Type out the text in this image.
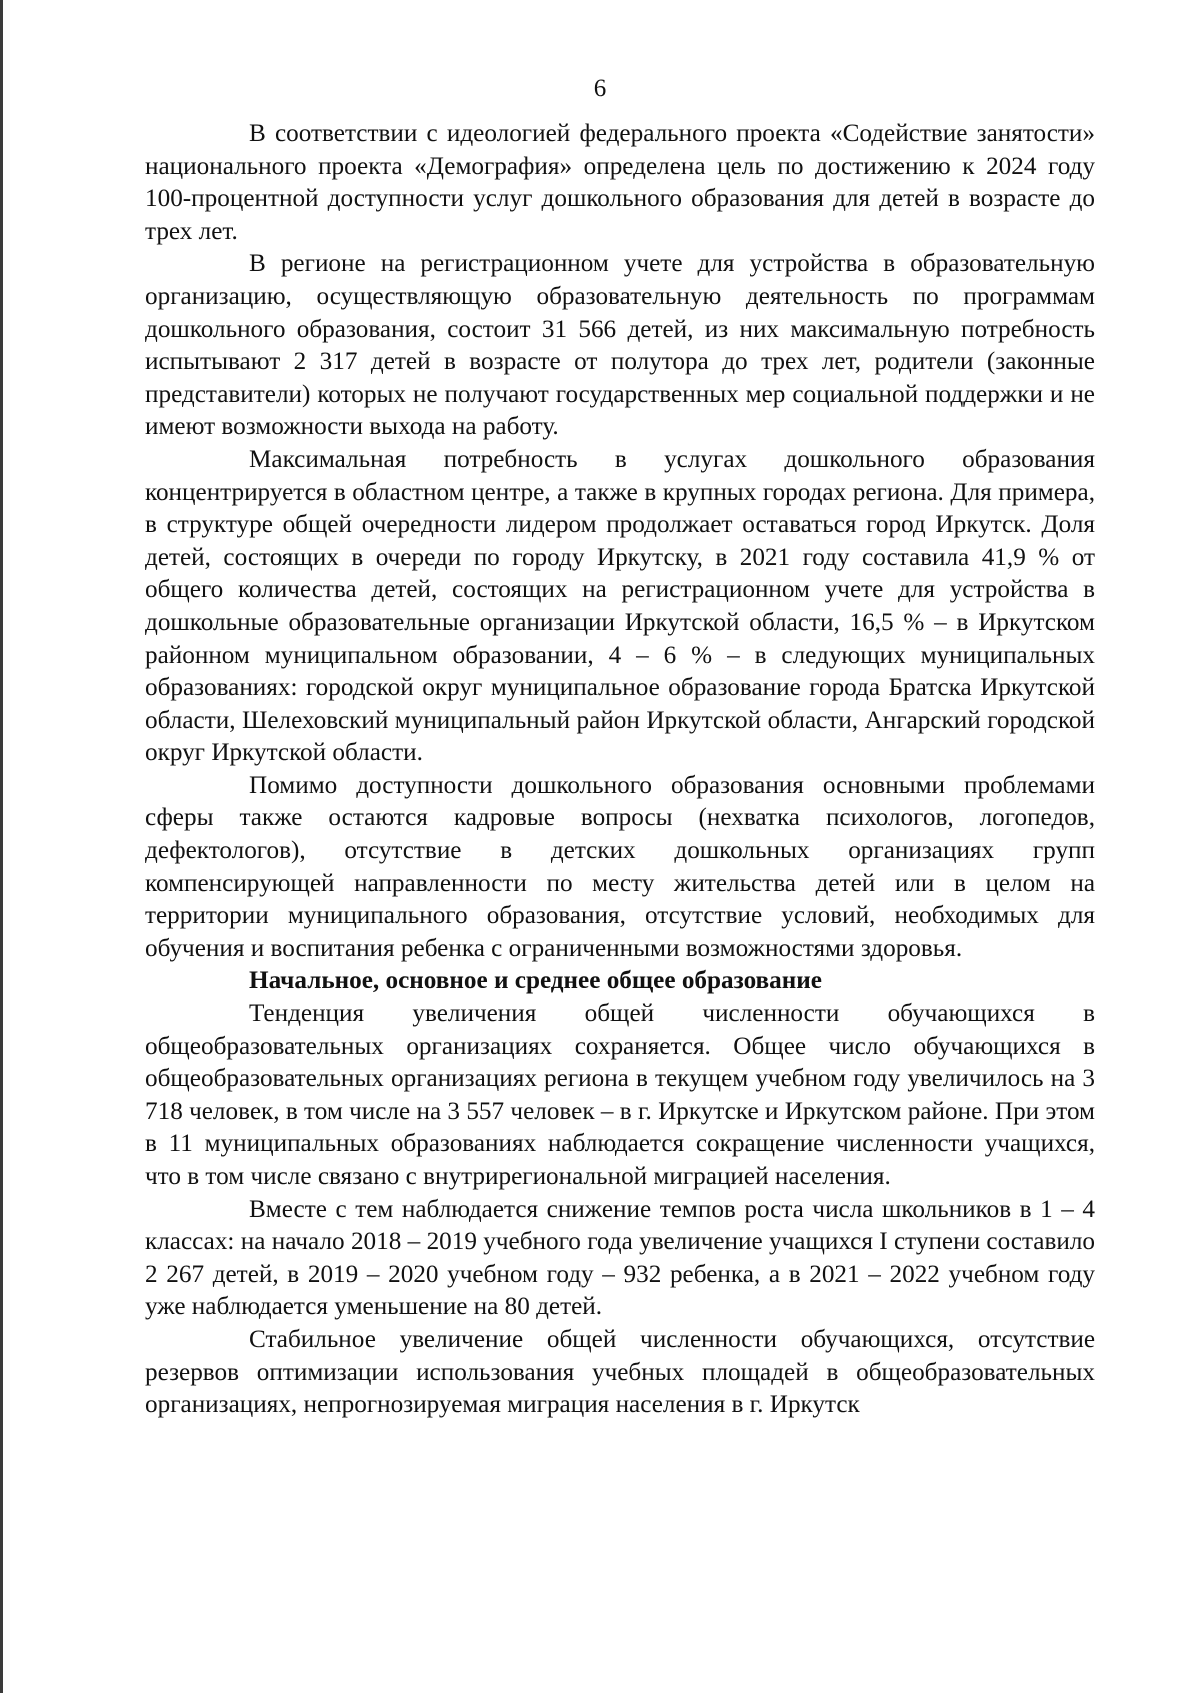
6

В соответствии с идеологией федерального проекта «Содействие занятости» национального проекта «Демография» определена цель по достижению к 2024 году 100-процентной доступности услуг дошкольного образования для детей в возрасте до трех лет.

В регионе на регистрационном учете для устройства в образовательную организацию, осуществляющую образовательную деятельность по программам дошкольного образования, состоит 31 566 детей, из них максимальную потребность испытывают 2 317 детей в возрасте от полутора до трех лет, родители (законные представители) которых не получают государственных мер социальной поддержки и не имеют возможности выхода на работу.

Максимальная потребность в услугах дошкольного образования концентрируется в областном центре, а также в крупных городах региона. Для примера, в структуре общей очередности лидером продолжает оставаться город Иркутск. Доля детей, состоящих в очереди по городу Иркутску, в 2021 году составила 41,9 % от общего количества детей, состоящих на регистрационном учете для устройства в дошкольные образовательные организации Иркутской области, 16,5 % – в Иркутском районном муниципальном образовании, 4 – 6 % – в следующих муниципальных образованиях: городской округ муниципальное образование города Братска Иркутской области, Шелеховский муниципальный район Иркутской области, Ангарский городской округ Иркутской области.

Помимо доступности дошкольного образования основными проблемами сферы также остаются кадровые вопросы (нехватка психологов, логопедов, дефектологов), отсутствие в детских дошкольных организациях групп компенсирующей направленности по месту жительства детей или в целом на территории муниципального образования, отсутствие условий, необходимых для обучения и воспитания ребенка с ограниченными возможностями здоровья.

Начальное, основное и среднее общее образование

Тенденция увеличения общей численности обучающихся в общеобразовательных организациях сохраняется. Общее число обучающихся в общеобразовательных организациях региона в текущем учебном году увеличилось на 3 718 человек, в том числе на 3 557 человек – в г. Иркутске и Иркутском районе. При этом в 11 муниципальных образованиях наблюдается сокращение численности учащихся, что в том числе связано с внутрирегиональной миграцией населения.

Вместе с тем наблюдается снижение темпов роста числа школьников в 1 – 4 классах: на начало 2018 – 2019 учебного года увеличение учащихся I ступени составило 2 267 детей, в 2019 – 2020 учебном году – 932 ребенка, а в 2021 – 2022 учебном году уже наблюдается уменьшение на 80 детей.

Стабильное увеличение общей численности обучающихся, отсутствие резервов оптимизации использования учебных площадей в общеобразовательных организациях, непрогнозируемая миграция населения в г. Иркутск
